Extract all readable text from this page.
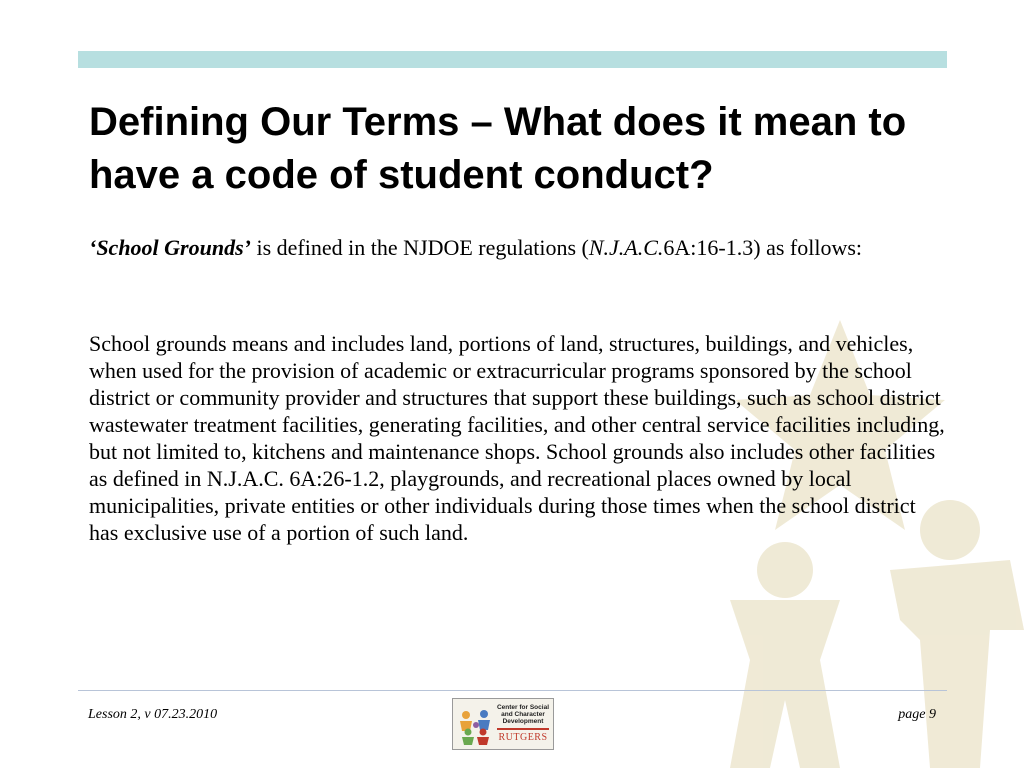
Defining Our Terms – What does it mean to have a code of student conduct?
‘School Grounds’ is defined in the NJDOE regulations (N.J.A.C.6A:16-1.3) as follows:
School grounds means and includes land, portions of land, structures, buildings, and vehicles, when used for the provision of academic or extracurricular programs sponsored by the school district or community provider and structures that support these buildings, such as school district wastewater treatment facilities, generating facilities, and other central service facilities including, but not limited to, kitchens and maintenance shops. School grounds also includes other facilities as defined in N.J.A.C. 6A:26-1.2, playgrounds, and recreational places owned by local municipalities, private entities or other individuals during those times when the school district has exclusive use of a portion of such land.
Lesson 2, v 07.23.2010	Center for Social
and Character
Development
RUTGERS
page 9
